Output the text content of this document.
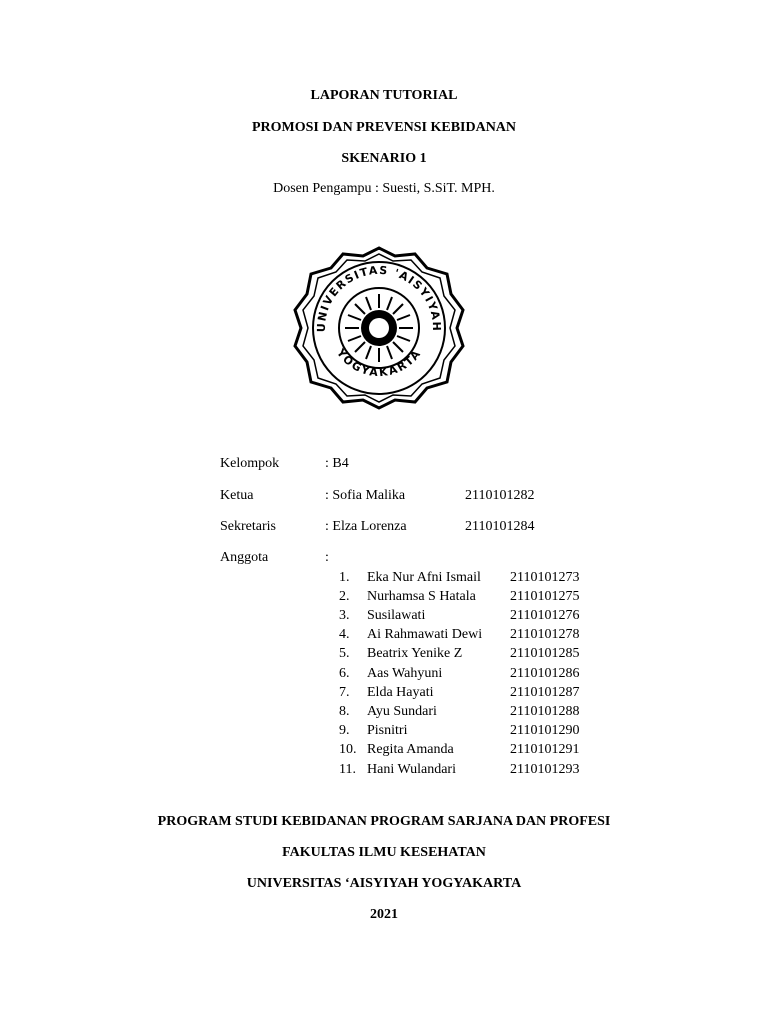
LAPORAN TUTORIAL
PROMOSI DAN PREVENSI KEBIDANAN
SKENARIO 1
Dosen Pengampu : Suesti, S.SiT. MPH.
UNIVERSITAS 'AISYIYAH
YOGYAKARTA
Kelompok	: B4
Ketua	: Sofia Malika	2110101282
Sekretaris	: Elza Lorenza	2110101284
Anggota	:
1. Eka Nur Afni Ismail 2110101273
2. Nurhamsa S Hatala 2110101275
3. Susilawati	2110101276
4. Ai Rahmawati Dewi 2110101278
5. Beatrix Yenike Z	2110101285
6. Aas Wahyuni	2110101286
7. Elda Hayati	2110101287
8. Ayu Sundari	2110101288
9. Pisnitri	2110101290
10. Regita Amanda	2110101291
11. Hani Wulandari	2110101293
PROGRAM STUDI KEBIDANAN PROGRAM SARJANA DAN PROFESI
FAKULTAS ILMU KESEHATAN
UNIVERSITAS ‘AISYIYAH YOGYAKARTA
2021
